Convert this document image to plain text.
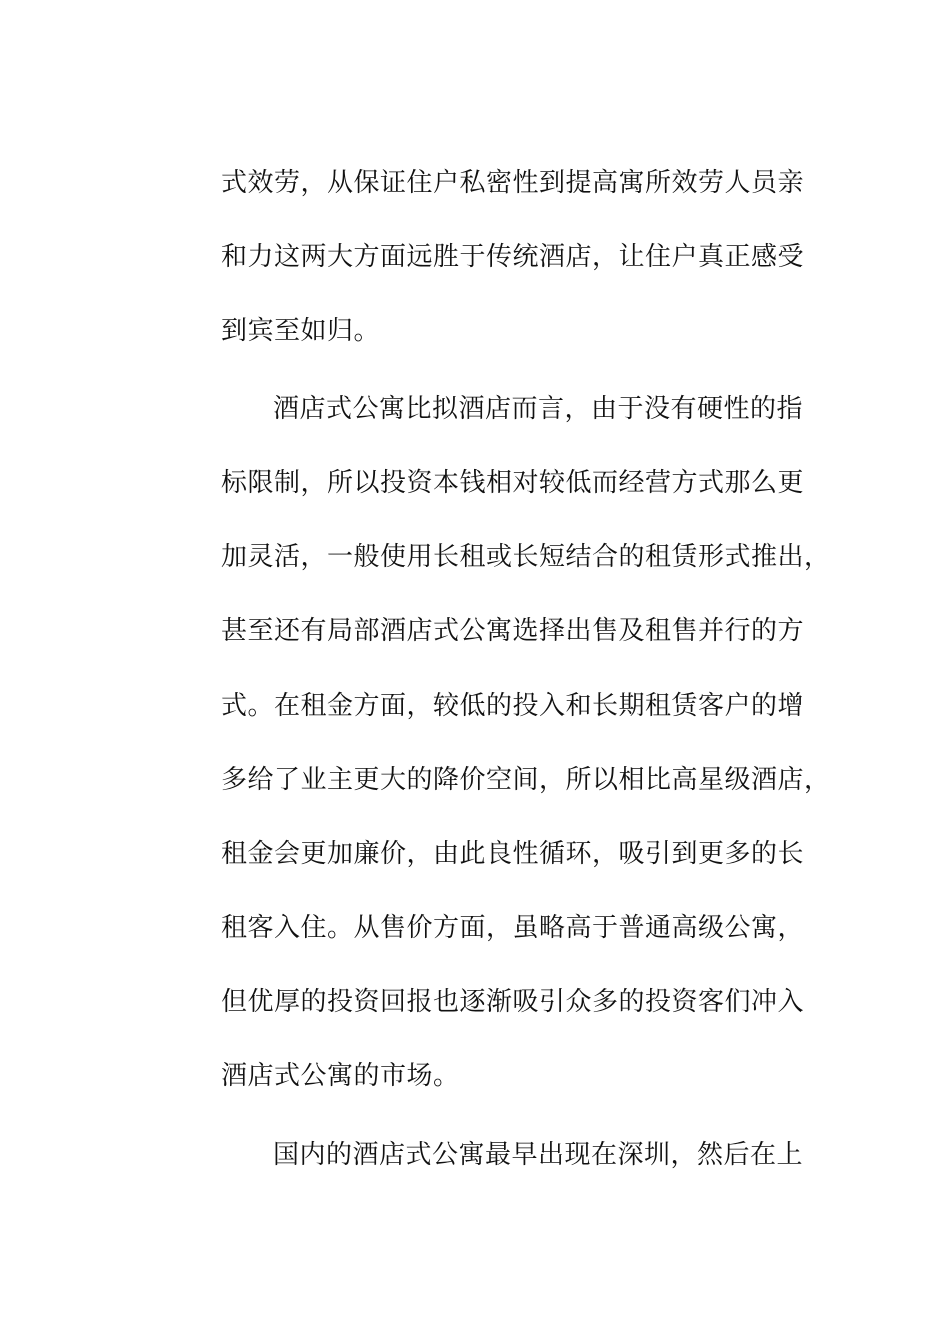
式效劳，从保证住户私密性到提高寓所效劳人员亲
和力这两大方面远胜于传统酒店，让住户真正感受
到宾至如归。
酒店式公寓比拟酒店而言，由于没有硬性的指
标限制，所以投资本钱相对较低而经营方式那么更
加灵活，一般使用长租或长短结合的租赁形式推出，
甚至还有局部酒店式公寓选择出售及租售并行的方
式。在租金方面，较低的投入和长期租赁客户的增
多给了业主更大的降价空间，所以相比高星级酒店，
租金会更加廉价，由此良性循环，吸引到更多的长
租客入住。从售价方面，虽略高于普通高级公寓，
但优厚的投资回报也逐渐吸引众多的投资客们冲入
酒店式公寓的市场。
国内的酒店式公寓最早出现在深圳，然后在上
